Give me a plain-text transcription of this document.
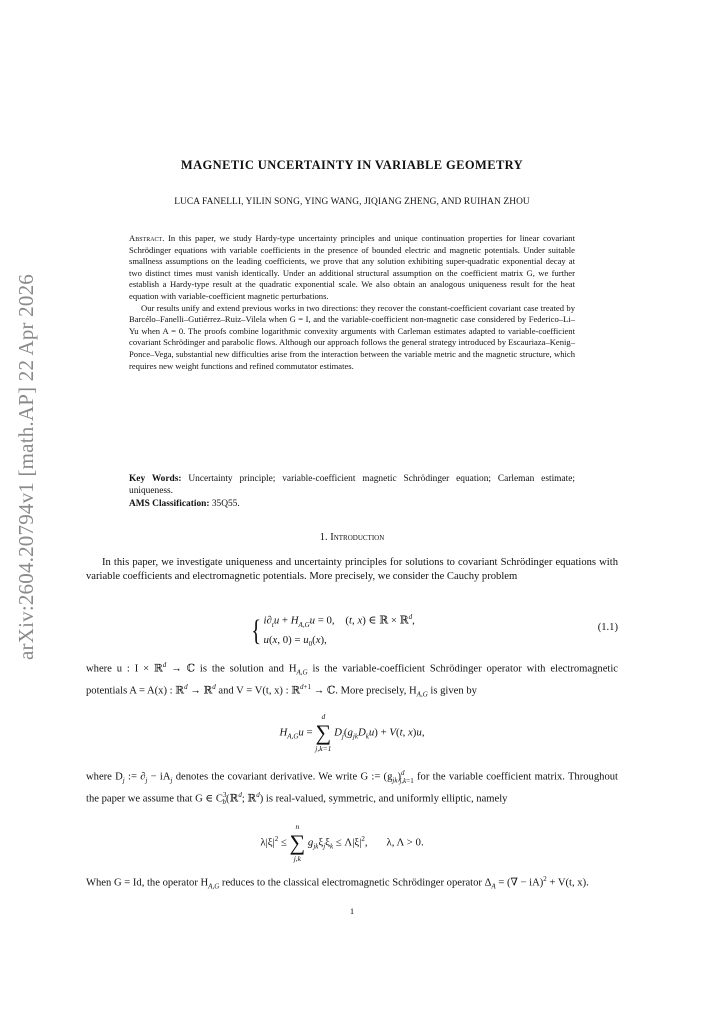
arXiv:2604.20794v1 [math.AP] 22 Apr 2026
MAGNETIC UNCERTAINTY IN VARIABLE GEOMETRY
LUCA FANELLI, YILIN SONG, YING WANG, JIQIANG ZHENG, AND RUIHAN ZHOU

Abstract. In this paper, we study Hardy-type uncertainty principles and unique continuation properties for linear covariant Schrödinger equations with variable coefficients in the presence of bounded electric and magnetic potentials. Under suitable smallness assumptions on the leading coefficients, we prove that any solution exhibiting super-quadratic exponential decay at two distinct times must vanish identically. Under an additional structural assumption on the coefficient matrix G, we further establish a Hardy-type result at the quadratic exponential scale. We also obtain an analogous uniqueness result for the heat equation with variable-coefficient magnetic perturbations.

Our results unify and extend previous works in two directions: they recover the constant-coefficient covariant case treated by Barcélo–Fanelli–Gutiérrez–Ruiz–Vilela when G = I, and the variable-coefficient non-magnetic case considered by Federico–Li–Yu when A = 0. The proofs combine logarithmic convexity arguments with Carleman estimates adapted to variable-coefficient covariant Schrödinger and parabolic flows. Although our approach follows the general strategy introduced by Escauriaza–Kenig–Ponce–Vega, substantial new difficulties arise from the interaction between the variable metric and the magnetic structure, which requires new weight functions and refined commutator estimates.

Key Words: Uncertainty principle; variable-coefficient magnetic Schrödinger equation; Carleman estimate; uniqueness.

AMS Classification: 35Q55.

1. Introduction

In this paper, we investigate uniqueness and uncertainty principles for solutions to covariant Schrödinger equations with variable coefficients and electromagnetic potentials. More precisely, we consider the Cauchy problem

{ $i\partial_tu + H_{A,G}u = 0$,    (t, x) ∈ ℝ × ℝ$^d$,
u(x, $0) = u_0(x)$,
(1.1)

where u : I × ℝ$^d$ → ℂ is the solution and $H_{A,G}$ is the variable-coefficient Schrödinger operator with electromagnetic potentials A = A(x) : ℝ$^d$ → ℝ$^d$ and V = V(t, x) : ℝ$^{d+1}$ → ℂ. More precisely, $H_{A,G}$ is given by

$H_{A,G}u$ =
d
∑
j,k=1
$D_j(g_{jk}D_ku) + V(t$, x)u,

where $D_j$ := $\partial_j - iA_j$ denotes the covariant derivative. We write G := $(g_{jk})^d_{j,k=1}$ for the variable coefficient matrix. Throughout the paper we assume that G ∈ $C^3_b(ℝ^d$; ℝ$^d$) is real-valued, symmetric, and uniformly elliptic, namely

$\lambda|\xi|^2$ ≤
n
∑
j,k
$g_{jk}\xi_j\xi_k \le \Lambda|\xi|^2$,       λ, Λ > 0.

When G = Id, the operator $H_{A,G}$ reduces to the classical electromagnetic Schrödinger operator $\Delta_A$ = (∇ − iA)$^2$ + V(t, x).

1
